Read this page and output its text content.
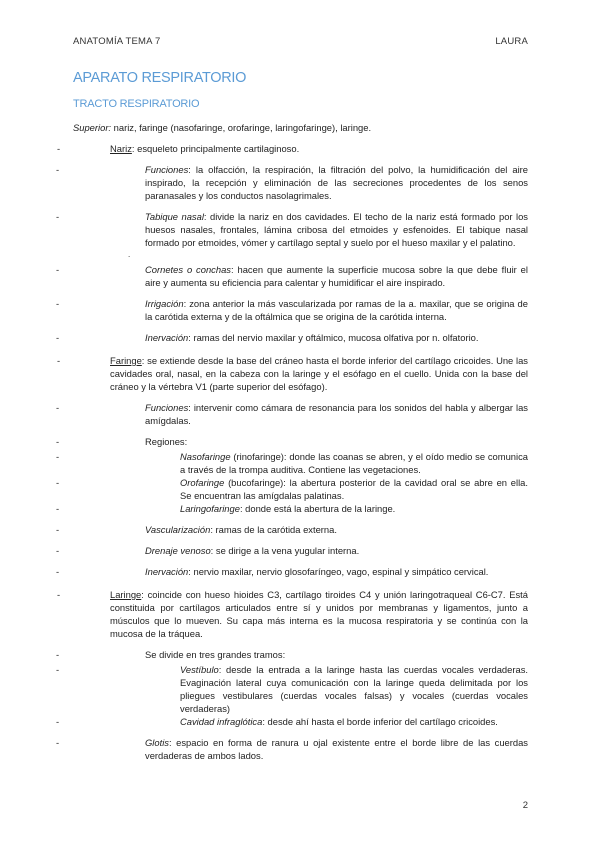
ANATOMÍA TEMA 7	LAURA
APARATO RESPIRATORIO
TRACTO RESPIRATORIO

Superior: nariz, faringe (nasofaringe, orofaringe, laringofaringe), laringe.

-	Nariz: esqueleto principalmente cartilaginoso.
-	Funciones: la olfacción, la respiración, la filtración del polvo, la humidificación del aire inspirado, la recepción y eliminación de las secreciones procedentes de los senos paranasales y los conductos nasolagrimales.
-	Tabique nasal: divide la nariz en dos cavidades. El techo de la nariz está formado por los huesos nasales, frontales, lámina cribosa del etmoides y esfenoides. El tabique nasal formado por etmoides, vómer y cartílago septal y suelo por el hueso maxilar y el palatino.
.
-	Cornetes o conchas: hacen que aumente la superficie mucosa sobre la que debe fluir el aire y aumenta su eficiencia para calentar y humidificar el aire inspirado.
-	Irrigación: zona anterior la más vascularizada por ramas de la a. maxilar, que se origina de la carótida externa y de la oftálmica que se origina de la carótida interna.
-	Inervación: ramas del nervio maxilar y oftálmico, mucosa olfativa por n. olfatorio.
-	Faringe: se extiende desde la base del cráneo hasta el borde inferior del cartílago cricoides. Une las cavidades oral, nasal, en la cabeza con la laringe y el esófago en el cuello. Unida con la base del cráneo y la vértebra V1 (parte superior del esófago).
-	Funciones: intervenir como cámara de resonancia para los sonidos del habla y albergar las amígdalas.
-	Regiones:
-	Nasofaringe (rinofaringe): donde las coanas se abren, y el oído medio se comunica a través de la trompa auditiva. Contiene las vegetaciones.
-	Orofaringe (bucofaringe): la abertura posterior de la cavidad oral se abre en ella. Se encuentran las amígdalas palatinas.
-	Laringofaringe: donde está la abertura de la laringe.
-	Vascularización: ramas de la carótida externa.
-	Drenaje venoso: se dirige a la vena yugular interna.
-	Inervación: nervio maxilar, nervio glosofaríngeo, vago, espinal y simpático cervical.
-	Laringe: coincide con hueso hioides C3, cartílago tiroides C4 y unión laringotraqueal C6-C7. Está constituida por cartílagos articulados entre sí y unidos por membranas y ligamentos, junto a músculos que lo mueven. Su capa más interna es la mucosa respiratoria y se continúa con la mucosa de la tráquea.
-	Se divide en tres grandes tramos:
-	Vestíbulo: desde la entrada a la laringe hasta las cuerdas vocales verdaderas. Evaginación lateral cuya comunicación con la laringe queda delimitada por los pliegues vestibulares (cuerdas vocales falsas) y vocales (cuerdas vocales verdaderas)
-	Cavidad infraglótica: desde ahí hasta el borde inferior del cartílago cricoides.
-	Glotis: espacio en forma de ranura u ojal existente entre el borde libre de las cuerdas verdaderas de ambos lados.
2
